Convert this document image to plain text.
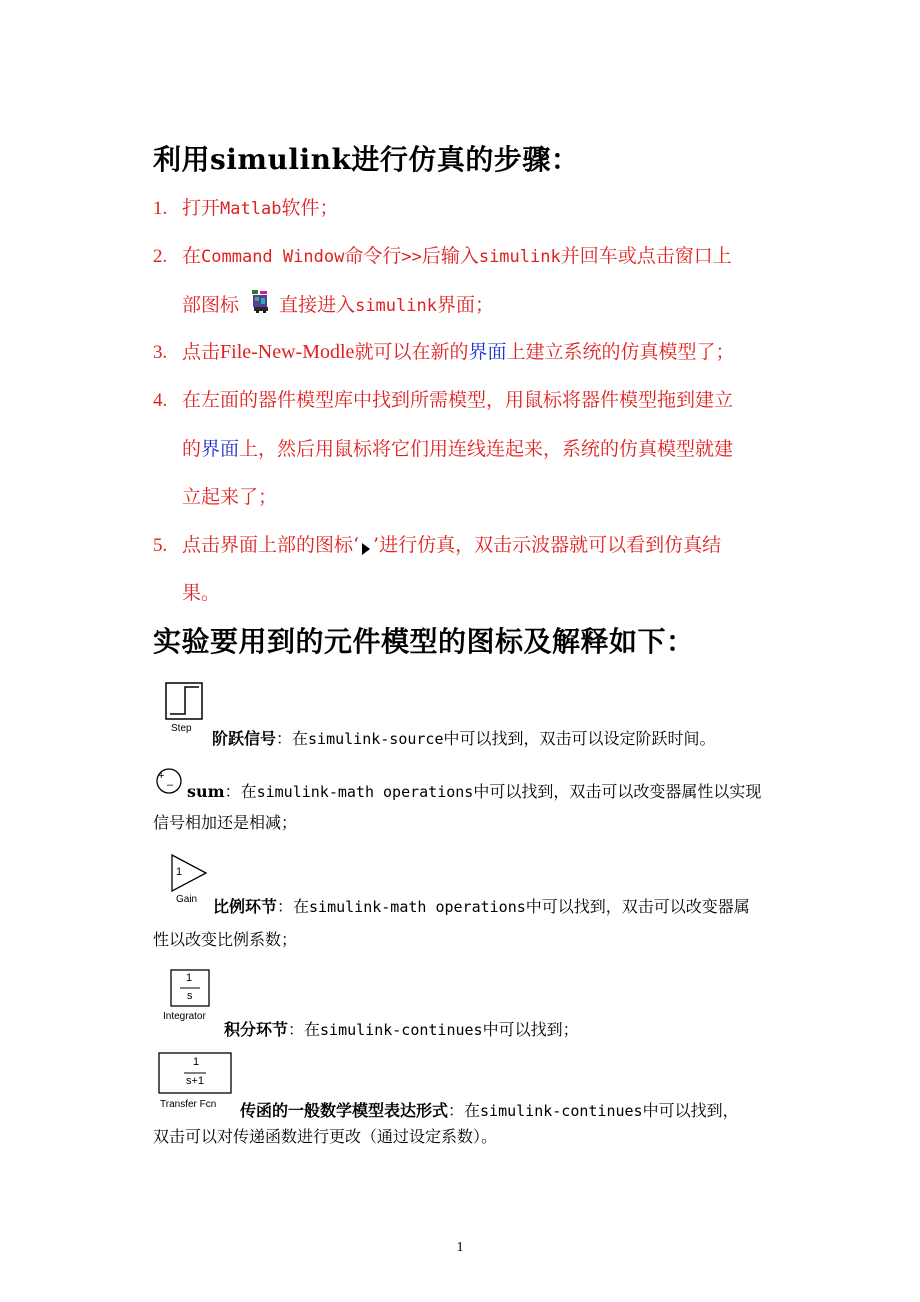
利用simulink进行仿真的步骤：
1. 打开Matlab软件；
2. 在Command Window命令行>>后输入simulink并回车或点击窗口上
部图标 直接进入simulink界面；
3. 点击File-New-Modle就可以在新的界面上建立系统的仿真模型了；
4. 在左面的器件模型库中找到所需模型，用鼠标将器件模型拖到建立
的界面上，然后用鼠标将它们用连线连起来，系统的仿真模型就建
立起来了；
5. 点击界面上部的图标‘ ’进行仿真，双击示波器就可以看到仿真结
果。
实验要用到的元件模型的图标及解释如下：
Step
阶跃信号：在simulink-source中可以找到，双击可以设定阶跃时间。
+
– sum：在simulink-math operations中可以找到，双击可以改变器属性以实现
信号相加还是相减；
1
Gain 比例环节：在simulink-math operations中可以找到，双击可以改变器属
性以改变比例系数；
1
s
Integrator
积分环节：在simulink-continues中可以找到；
1
s+1
Transfer Fcn 传函的一般数学模型表达形式：在simulink-continues中可以找到，
双击可以对传递函数进行更改（通过设定系数）。
1
